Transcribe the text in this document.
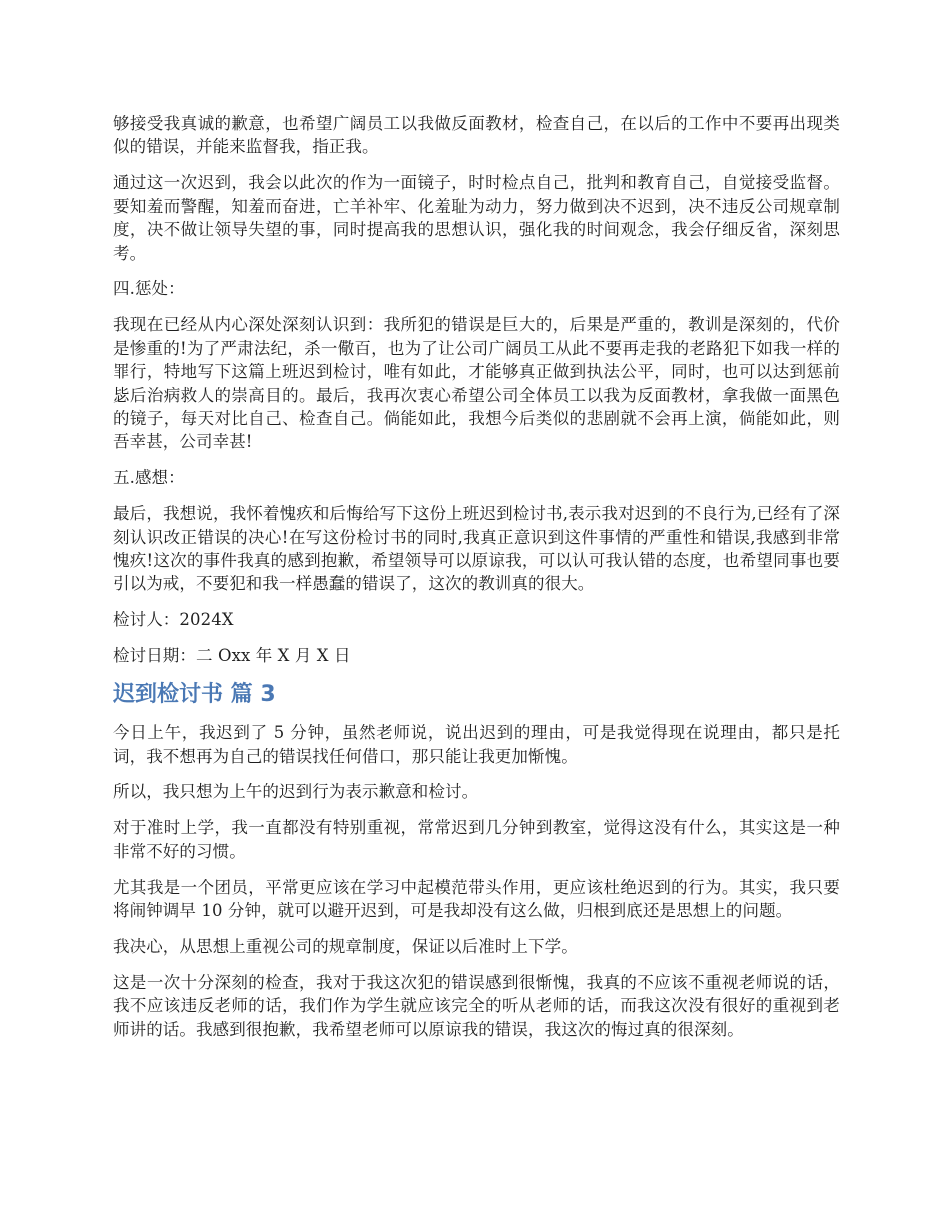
够接受我真诚的歉意，也希望广阔员工以我做反面教材，检查自己，在以后的工作中不要再出现类似的错误，并能来监督我，指正我。

通过这一次迟到，我会以此次的作为一面镜子，时时检点自己，批判和教育自己，自觉接受监督。要知羞而警醒，知羞而奋进，亡羊补牢、化羞耻为动力，努力做到决不迟到，决不违反公司规章制度，决不做让领导失望的事，同时提高我的思想认识，强化我的时间观念，我会仔细反省，深刻思考。

四.惩处：

我现在已经从内心深处深刻认识到：我所犯的错误是巨大的，后果是严重的，教训是深刻的，代价是惨重的!为了严肃法纪，杀一儆百，也为了让公司广阔员工从此不要再走我的老路犯下如我一样的罪行，特地写下这篇上班迟到检讨，唯有如此，才能够真正做到执法公平，同时，也可以达到惩前毖后治病救人的崇高目的。最后，我再次衷心希望公司全体员工以我为反面教材，拿我做一面黑色的镜子，每天对比自己、检查自己。倘能如此，我想今后类似的悲剧就不会再上演，倘能如此，则吾幸甚，公司幸甚!

五.感想：

最后，我想说，我怀着愧疚和后悔给写下这份上班迟到检讨书,表示我对迟到的不良行为,已经有了深刻认识改正错误的决心!在写这份检讨书的同时,我真正意识到这件事情的严重性和错误,我感到非常愧疚!这次的事件我真的感到抱歉，希望领导可以原谅我，可以认可我认错的态度，也希望同事也要引以为戒，不要犯和我一样愚蠢的错误了，这次的教训真的很大。

检讨人：2024X

检讨日期：二 Oxx 年 X 月 X 日

迟到检讨书 篇 3

今日上午，我迟到了 5 分钟，虽然老师说，说出迟到的理由，可是我觉得现在说理由，都只是托词，我不想再为自己的错误找任何借口，那只能让我更加惭愧。

所以，我只想为上午的迟到行为表示歉意和检讨。

对于准时上学，我一直都没有特别重视，常常迟到几分钟到教室，觉得这没有什么，其实这是一种非常不好的习惯。

尤其我是一个团员，平常更应该在学习中起模范带头作用，更应该杜绝迟到的行为。其实，我只要将闹钟调早 10 分钟，就可以避开迟到，可是我却没有这么做，归根到底还是思想上的问题。

我决心，从思想上重视公司的规章制度，保证以后准时上下学。

这是一次十分深刻的检查，我对于我这次犯的错误感到很惭愧，我真的不应该不重视老师说的话，我不应该违反老师的话，我们作为学生就应该完全的听从老师的话，而我这次没有很好的重视到老师讲的话。我感到很抱歉，我希望老师可以原谅我的错误，我这次的悔过真的很深刻。
